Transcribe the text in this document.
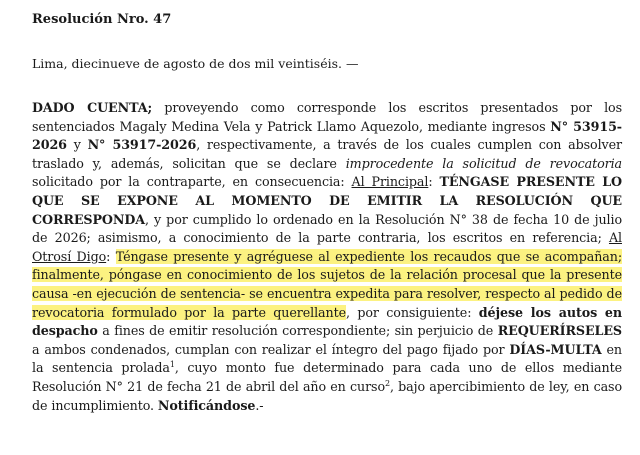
Resolución Nro. 47

Lima, diecinueve de agosto de dos mil veintiséis. —

DADO CUENTA; proveyendo como corresponde los escritos presentados por los sentenciados Magaly Medina Vela y Patrick Llamo Aquezolo, mediante ingresos N° 53915-2026 y N° 53917-2026, respectivamente, a través de los cuales cumplen con absolver traslado y, además, solicitan que se declare improcedente la solicitud de revocatoria solicitado por la contraparte, en consecuencia: Al Principal: TÉNGASE PRESENTE LO QUE SE EXPONE AL MOMENTO DE EMITIR LA RESOLUCIÓN QUE CORRESPONDA, y por cumplido lo ordenado en la Resolución N° 38 de fecha 10 de julio de 2026; asimismo, a conocimiento de la parte contraria, los escritos en referencia; Al Otrosí Digo: Téngase presente y agréguese al expediente los recaudos que se acompañan; finalmente, póngase en conocimiento de los sujetos de la relación procesal que la presente causa -en ejecución de sentencia- se encuentra expedita para resolver, respecto al pedido de revocatoria formulado por la parte querellante, por consiguiente: déjese los autos en despacho a fines de emitir resolución correspondiente; sin perjuicio de REQUERÍRSELES a ambos condenados, cumplan con realizar el íntegro del pago fijado por DÍAS-MULTA en la sentencia prolada$^1$, cuyo monto fue determinado para cada uno de ellos mediante Resolución N° 21 de fecha 21 de abril del año en curso$^2$, bajo apercibimiento de ley, en caso de incumplimiento. Notificándose.-
